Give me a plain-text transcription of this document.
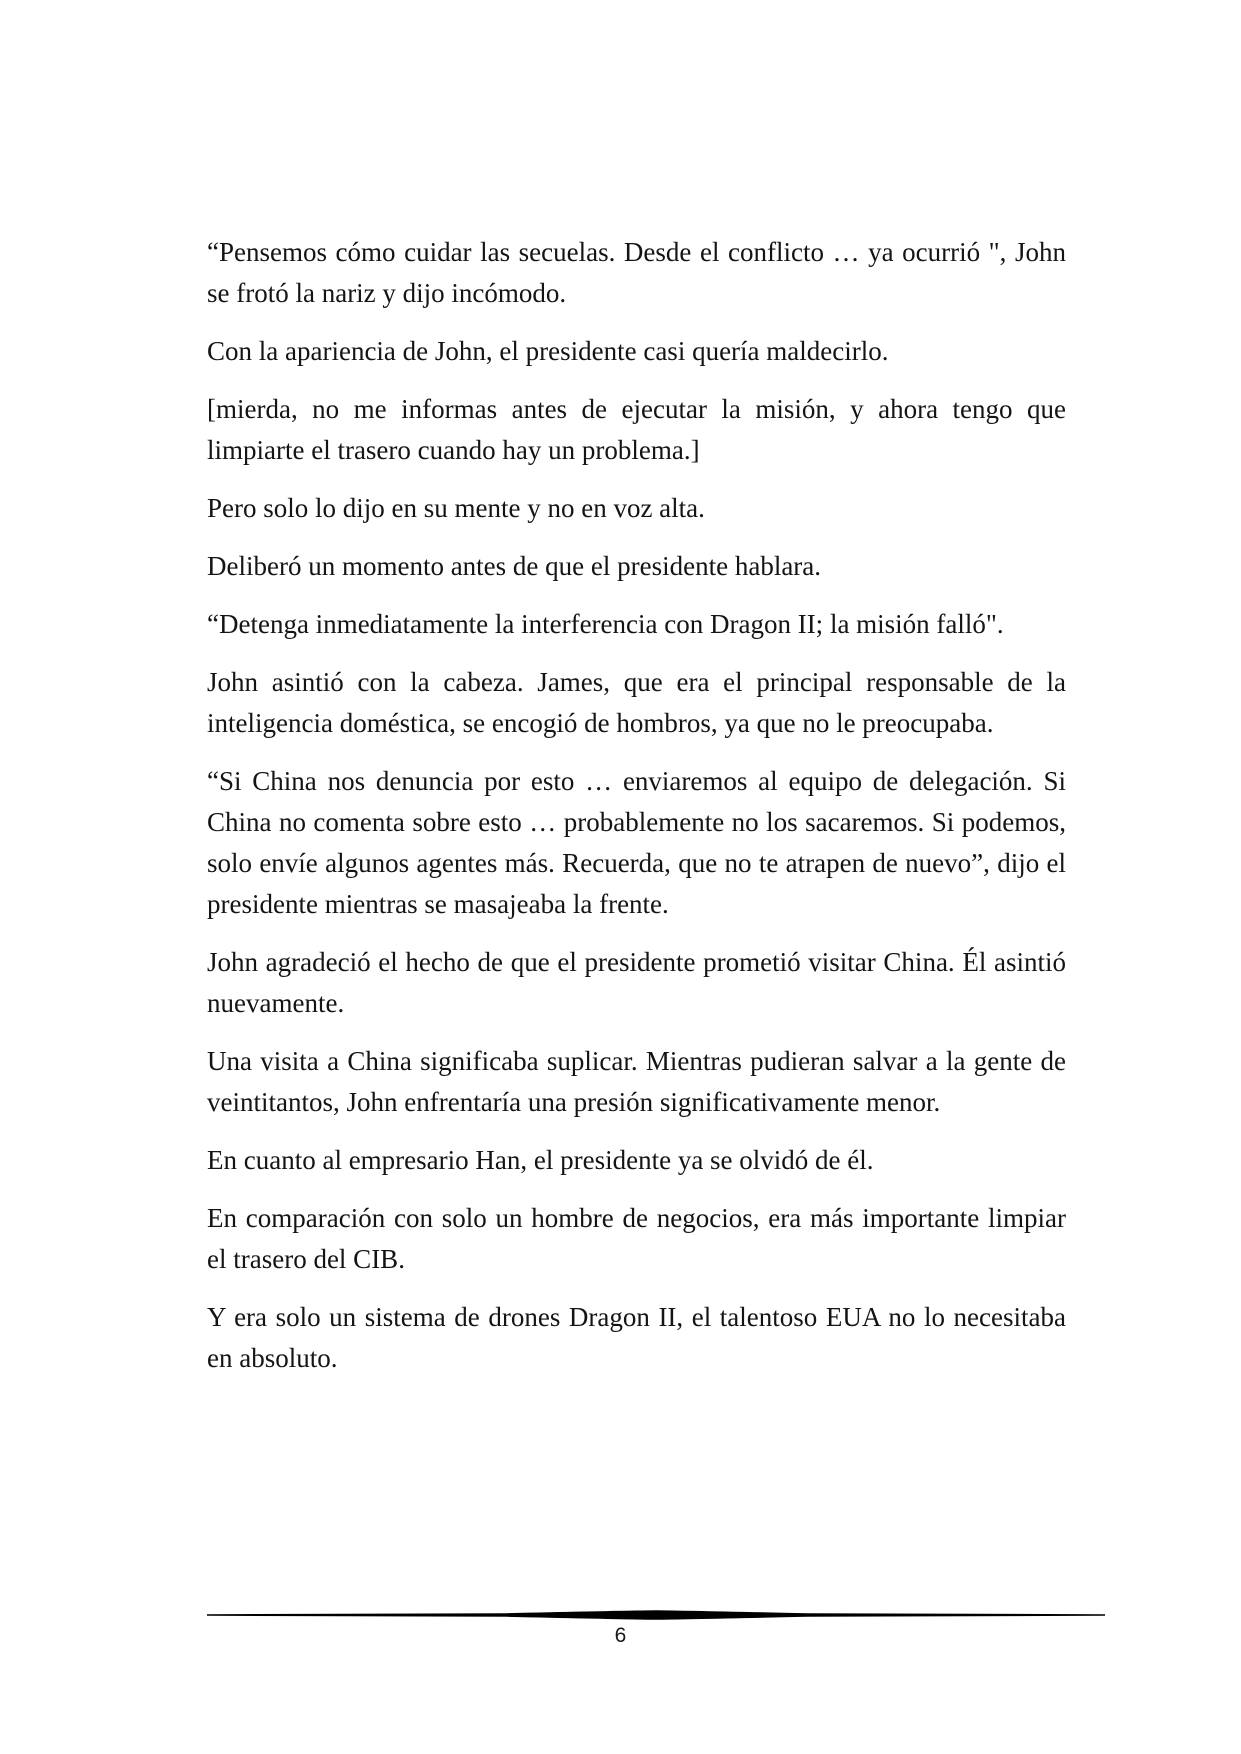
“Pensemos cómo cuidar las secuelas. Desde el conflicto … ya ocurrió ", John se frotó la nariz y dijo incómodo.

Con la apariencia de John, el presidente casi quería maldecirlo.

[mierda, no me informas antes de ejecutar la misión, y ahora tengo que limpiarte el trasero cuando hay un problema.]

Pero solo lo dijo en su mente y no en voz alta.

Deliberó un momento antes de que el presidente hablara.

“Detenga inmediatamente la interferencia con Dragon II; la misión falló".

John asintió con la cabeza. James, que era el principal responsable de la inteligencia doméstica, se encogió de hombros, ya que no le preocupaba.

“Si China nos denuncia por esto … enviaremos al equipo de delegación. Si China no comenta sobre esto … probablemente no los sacaremos. Si podemos, solo envíe algunos agentes más. Recuerda, que no te atrapen de nuevo”, dijo el presidente mientras se masajeaba la frente.

John agradeció el hecho de que el presidente prometió visitar China. Él asintió nuevamente.

Una visita a China significaba suplicar. Mientras pudieran salvar a la gente de veintitantos, John enfrentaría una presión significativamente menor.

En cuanto al empresario Han, el presidente ya se olvidó de él.

En comparación con solo un hombre de negocios, era más importante limpiar el trasero del CIB.

Y era solo un sistema de drones Dragon II, el talentoso EUA no lo necesitaba en absoluto.

6
